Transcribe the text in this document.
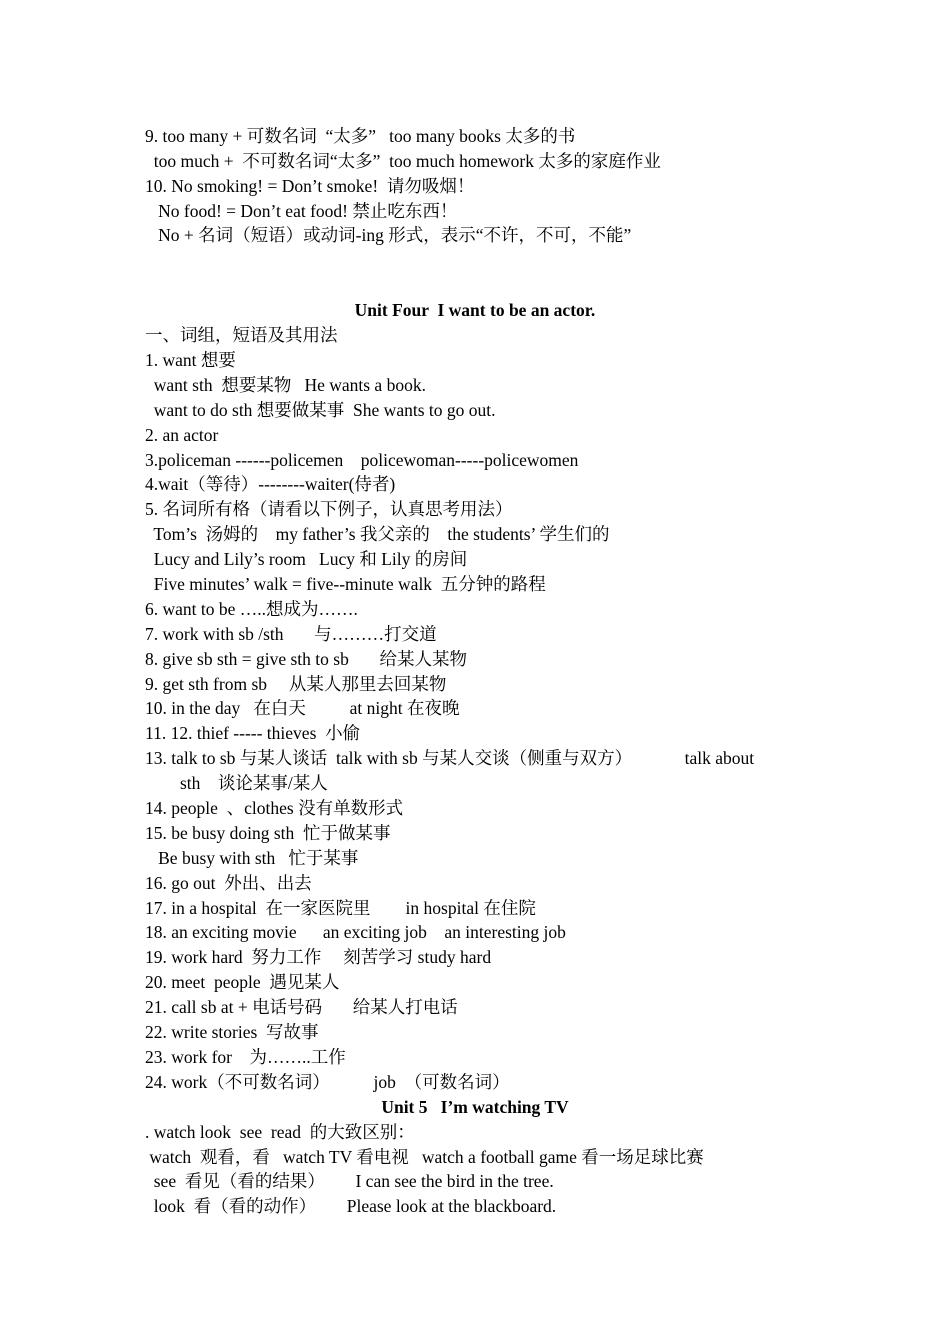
9. too many + 可数名词  “太多”   too many books 太多的书

too much +  不可数名词“太多”  too much homework 太多的家庭作业

10. No smoking! = Don’t smoke!  请勿吸烟！

No food! = Don’t eat food! 禁止吃东西！

No + 名词（短语）或动词-ing 形式，表示“不许，不可，不能”

Unit Four  I want to be an actor.

一、词组，短语及其用法

1. want 想要

want sth  想要某物   He wants a book.

want to do sth 想要做某事  She wants to go out.

2. an actor

3.policeman ------policemen    policewoman-----policewomen

4.wait（等待）--------waiter(侍者)

5. 名词所有格（请看以下例子，认真思考用法）

Tom’s  汤姆的    my father’s 我父亲的    the students’ 学生们的

Lucy and Lily’s room   Lucy 和 Lily 的房间

Five minutes’ walk = five--minute walk  五分钟的路程

6. want to be …..想成为…….

7. work with sb /sth       与………打交道

8. give sb sth = give sth to sb       给某人某物

9. get sth from sb     从某人那里去回某物

10. in the day   在白天          at night 在夜晚

11. 12. thief ----- thieves  小偷

13. talk to sb 与某人谈话  talk with sb 与某人交谈（侧重与双方）            talk about

sth    谈论某事/某人

14. people  、clothes 没有单数形式

15. be busy doing sth  忙于做某事

Be busy with sth   忙于某事

16. go out  外出、出去

17. in a hospital  在一家医院里        in hospital 在住院

18. an exciting movie      an exciting job    an interesting job

19. work hard  努力工作     刻苦学习 study hard

20. meet  people  遇见某人

21. call sb at + 电话号码       给某人打电话

22. write stories  写故事

23. work for    为……..工作

24. work（不可数名词）          job  （可数名词）

Unit 5   I’m watching TV

. watch look  see  read  的大致区别：

watch  观看，看   watch TV 看电视   watch a football game 看一场足球比赛

see  看见（看的结果）       I can see the bird in the tree.

look  看（看的动作）       Please look at the blackboard.
